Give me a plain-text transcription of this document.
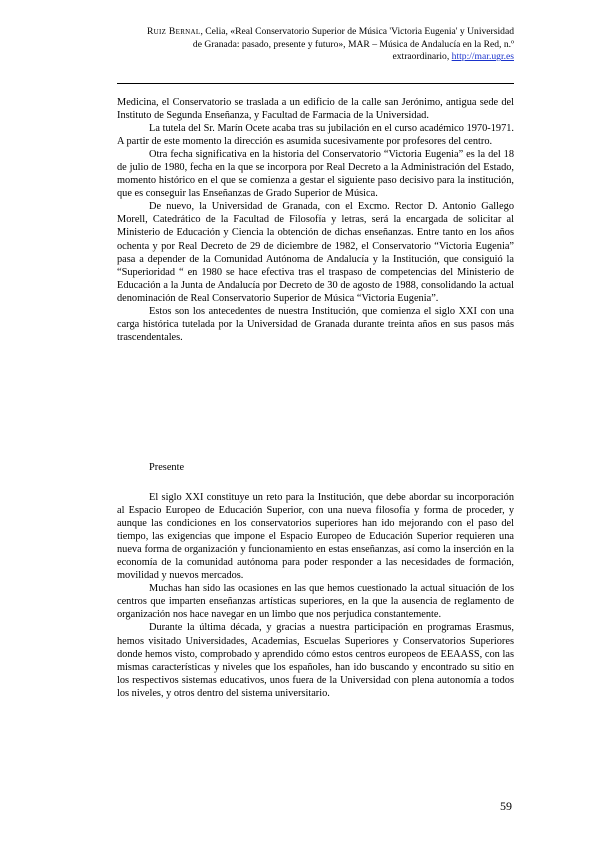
Ruiz Bernal, Celia, «Real Conservatorio Superior de Música 'Victoria Eugenia' y Universidad
de Granada: pasado, presente y futuro», MAR – Música de Andalucía en la Red, n.º
extraordinario, http://mar.ugr.es

Medicina, el Conservatorio se traslada a un edificio de la calle san Jerónimo, antigua sede del Instituto de Segunda Enseñanza, y Facultad de Farmacia de la Universidad.

La tutela del Sr. Marín Ocete acaba tras su jubilación en el curso académico 1970-1971. A partir de este momento la dirección es asumida sucesivamente por profesores del centro.

Otra fecha significativa en la historia del Conservatorio “Victoria Eugenia” es la del 18 de julio de 1980, fecha en la que se incorpora por Real Decreto a la Administración del Estado, momento histórico en el que se comienza a gestar el siguiente paso decisivo para la institución, que es conseguir las Enseñanzas de Grado Superior de Música.

De nuevo, la Universidad de Granada, con el Excmo. Rector D. Antonio Gallego Morell, Catedrático de la Facultad de Filosofía y letras, será la encargada de solicitar al Ministerio de Educación y Ciencia la obtención de dichas enseñanzas. Entre tanto en los años ochenta y por Real Decreto de 29 de diciembre de 1982, el Conservatorio “Victoria Eugenia” pasa a depender de la Comunidad Autónoma de Andalucía y la Institución, que consiguió la “Superioridad “ en 1980 se hace efectiva tras el traspaso de competencias del Ministerio de Educación a la Junta de Andalucía por Decreto de 30 de agosto de 1988, consolidando la actual denominación de Real Conservatorio Superior de Música “Victoria Eugenia”.

Estos son los antecedentes de nuestra Institución, que comienza el siglo XXI con una carga histórica tutelada por la Universidad de Granada durante treinta años en sus pasos más trascendentales.

Presente

El siglo XXI constituye un reto para la Institución, que debe abordar su incorporación al Espacio Europeo de Educación Superior, con una nueva filosofía y forma de proceder, y aunque las condiciones en los conservatorios superiores han ido mejorando con el paso del tiempo, las exigencias que impone el Espacio Europeo de Educación Superior requieren una nueva forma de organización y funcionamiento en estas enseñanzas, así como la inserción en la economía de la comunidad autónoma para poder responder a las necesidades de formación, movilidad y nuevos mercados.

Muchas han sido las ocasiones en las que hemos cuestionado la actual situación de los centros que imparten enseñanzas artísticas superiores, en la que la ausencia de reglamento de organización nos hace navegar en un limbo que nos perjudica constantemente.

Durante la última década, y gracias a nuestra participación en programas Erasmus, hemos visitado Universidades, Academias, Escuelas Superiores y Conservatorios Superiores donde hemos visto, comprobado y aprendido cómo estos centros europeos de EEAASS, con las mismas características y niveles que los españoles, han ido buscando y encontrado su sitio en los respectivos sistemas educativos, unos fuera de la Universidad con plena autonomía a todos los niveles, y otros dentro del sistema universitario.

59
